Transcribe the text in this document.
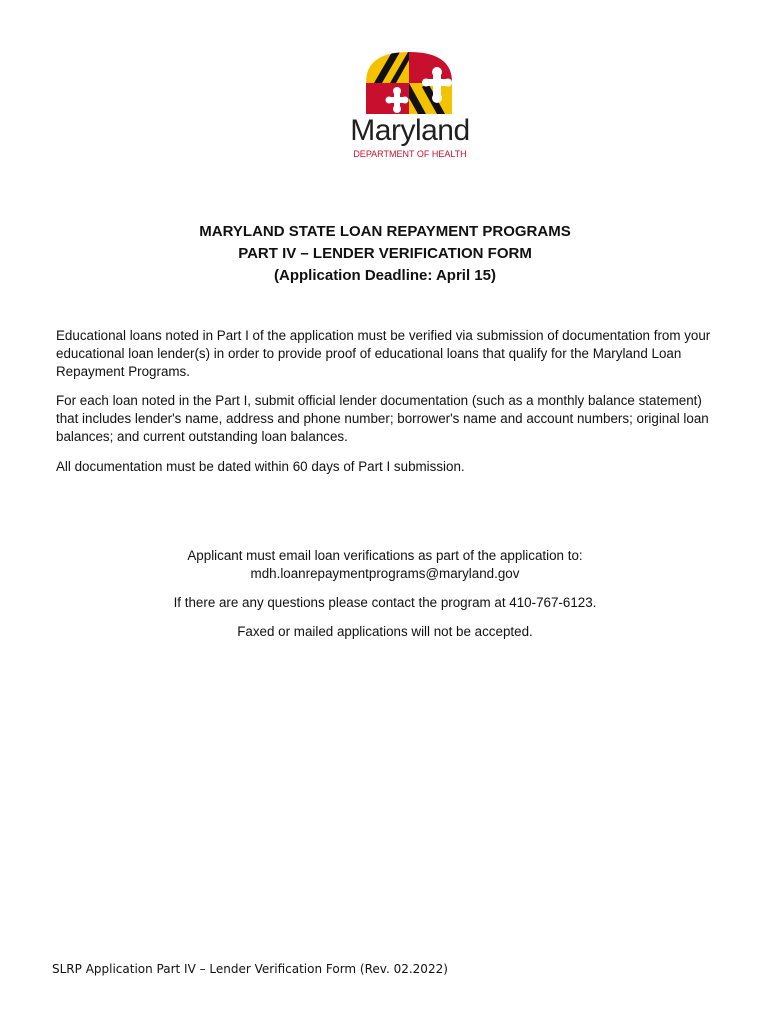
Maryland
DEPARTMENT OF HEALTH
MARYLAND STATE LOAN REPAYMENT PROGRAMS
PART IV – LENDER VERIFICATION FORM
(Application Deadline: April 15)
Educational loans noted in Part I of the application must be verified via submission of documentation from your educational loan lender(s) in order to provide proof of educational loans that qualify for the Maryland Loan Repayment Programs.
For each loan noted in the Part I, submit official lender documentation (such as a monthly balance statement) that includes lender's name, address and phone number; borrower's name and account numbers; original loan balances; and current outstanding loan balances.
All documentation must be dated within 60 days of Part I submission.
Applicant must email loan verifications as part of the application to:
mdh.loanrepaymentprograms@maryland.gov
If there are any questions please contact the program at 410-767-6123.
Faxed or mailed applications will not be accepted.
SLRP Application Part IV – Lender Verification Form (Rev. 02.2022)
